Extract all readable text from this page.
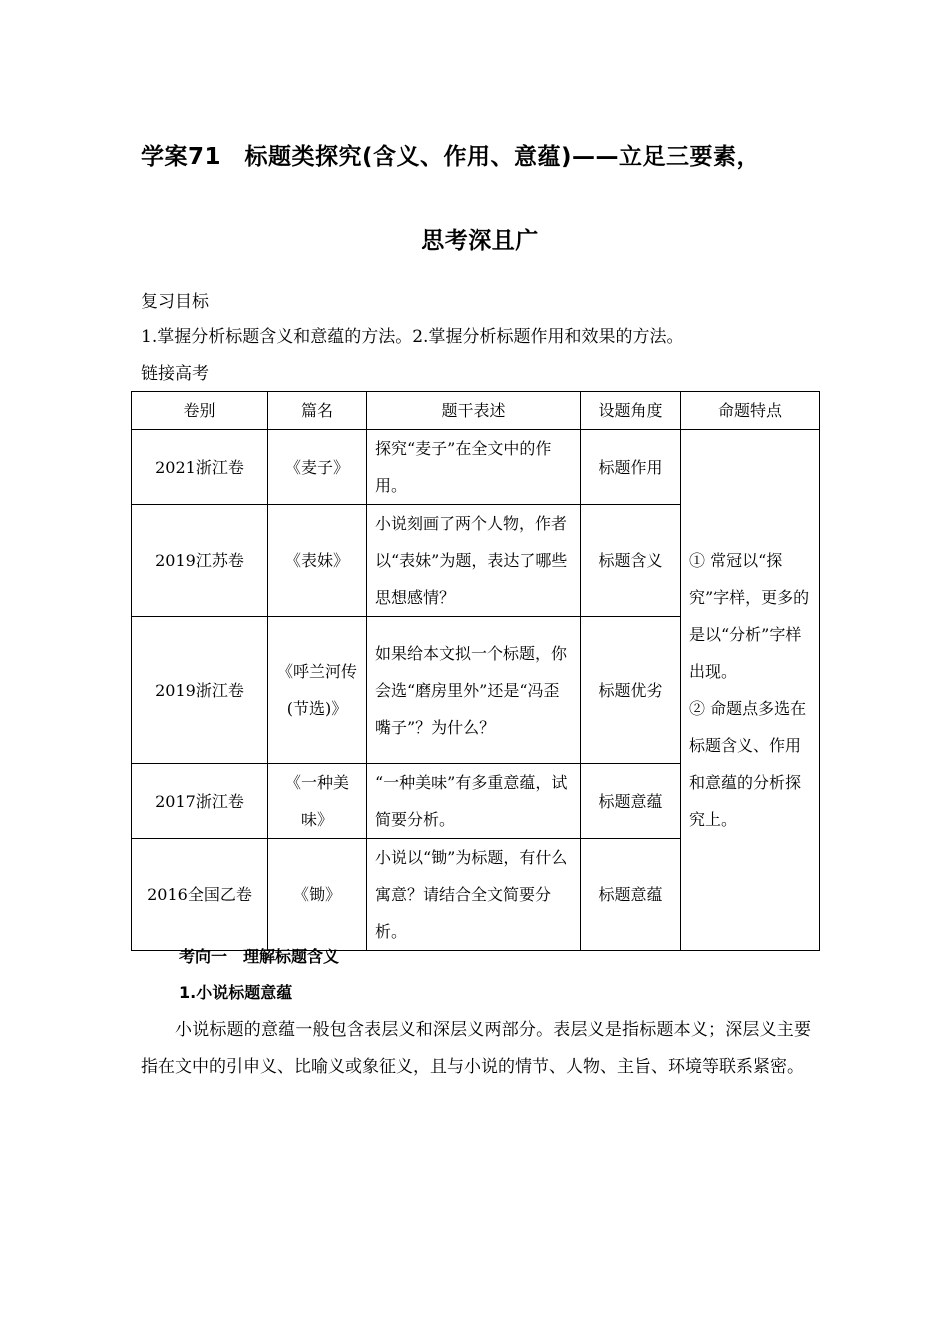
学案71　标题类探究(含义、作用、意蕴)——立足三要素，
思考深且广
复习目标
1.掌握分析标题含义和意蕴的方法。2.掌握分析标题作用和效果的方法。
链接高考
卷别	篇名	题干表述	设题角度	命题特点
2021浙江卷	《麦子》	探究“麦子”在全文中的作用。	标题作用	① 常冠以“探究”字样，更多的是以“分析”字样出现。
② 命题点多选在标题含义、作用和意蕴的分析探究上。

2019江苏卷	《表妹》	小说刻画了两个人物，作者以“表妹”为题，表达了哪些思想感情？	标题含义	
2019浙江卷	《呼兰河传(节选)》	如果给本文拟一个标题，你会选“磨房里外”还是“冯歪嘴子”？为什么？	标题优劣	
2017浙江卷	《一种美味》	“一种美味”有多重意蕴，试简要分析。	标题意蕴	
2016全国乙卷	《锄》	小说以“锄”为标题，有什么寓意？请结合全文简要分析。	标题意蕴	
考向一　理解标题含义
1.小说标题意蕴
小说标题的意蕴一般包含表层义和深层义两部分。表层义是指标题本义；深层义主要指在文中的引申义、比喻义或象征义，且与小说的情节、人物、主旨、环境等联系紧密。
